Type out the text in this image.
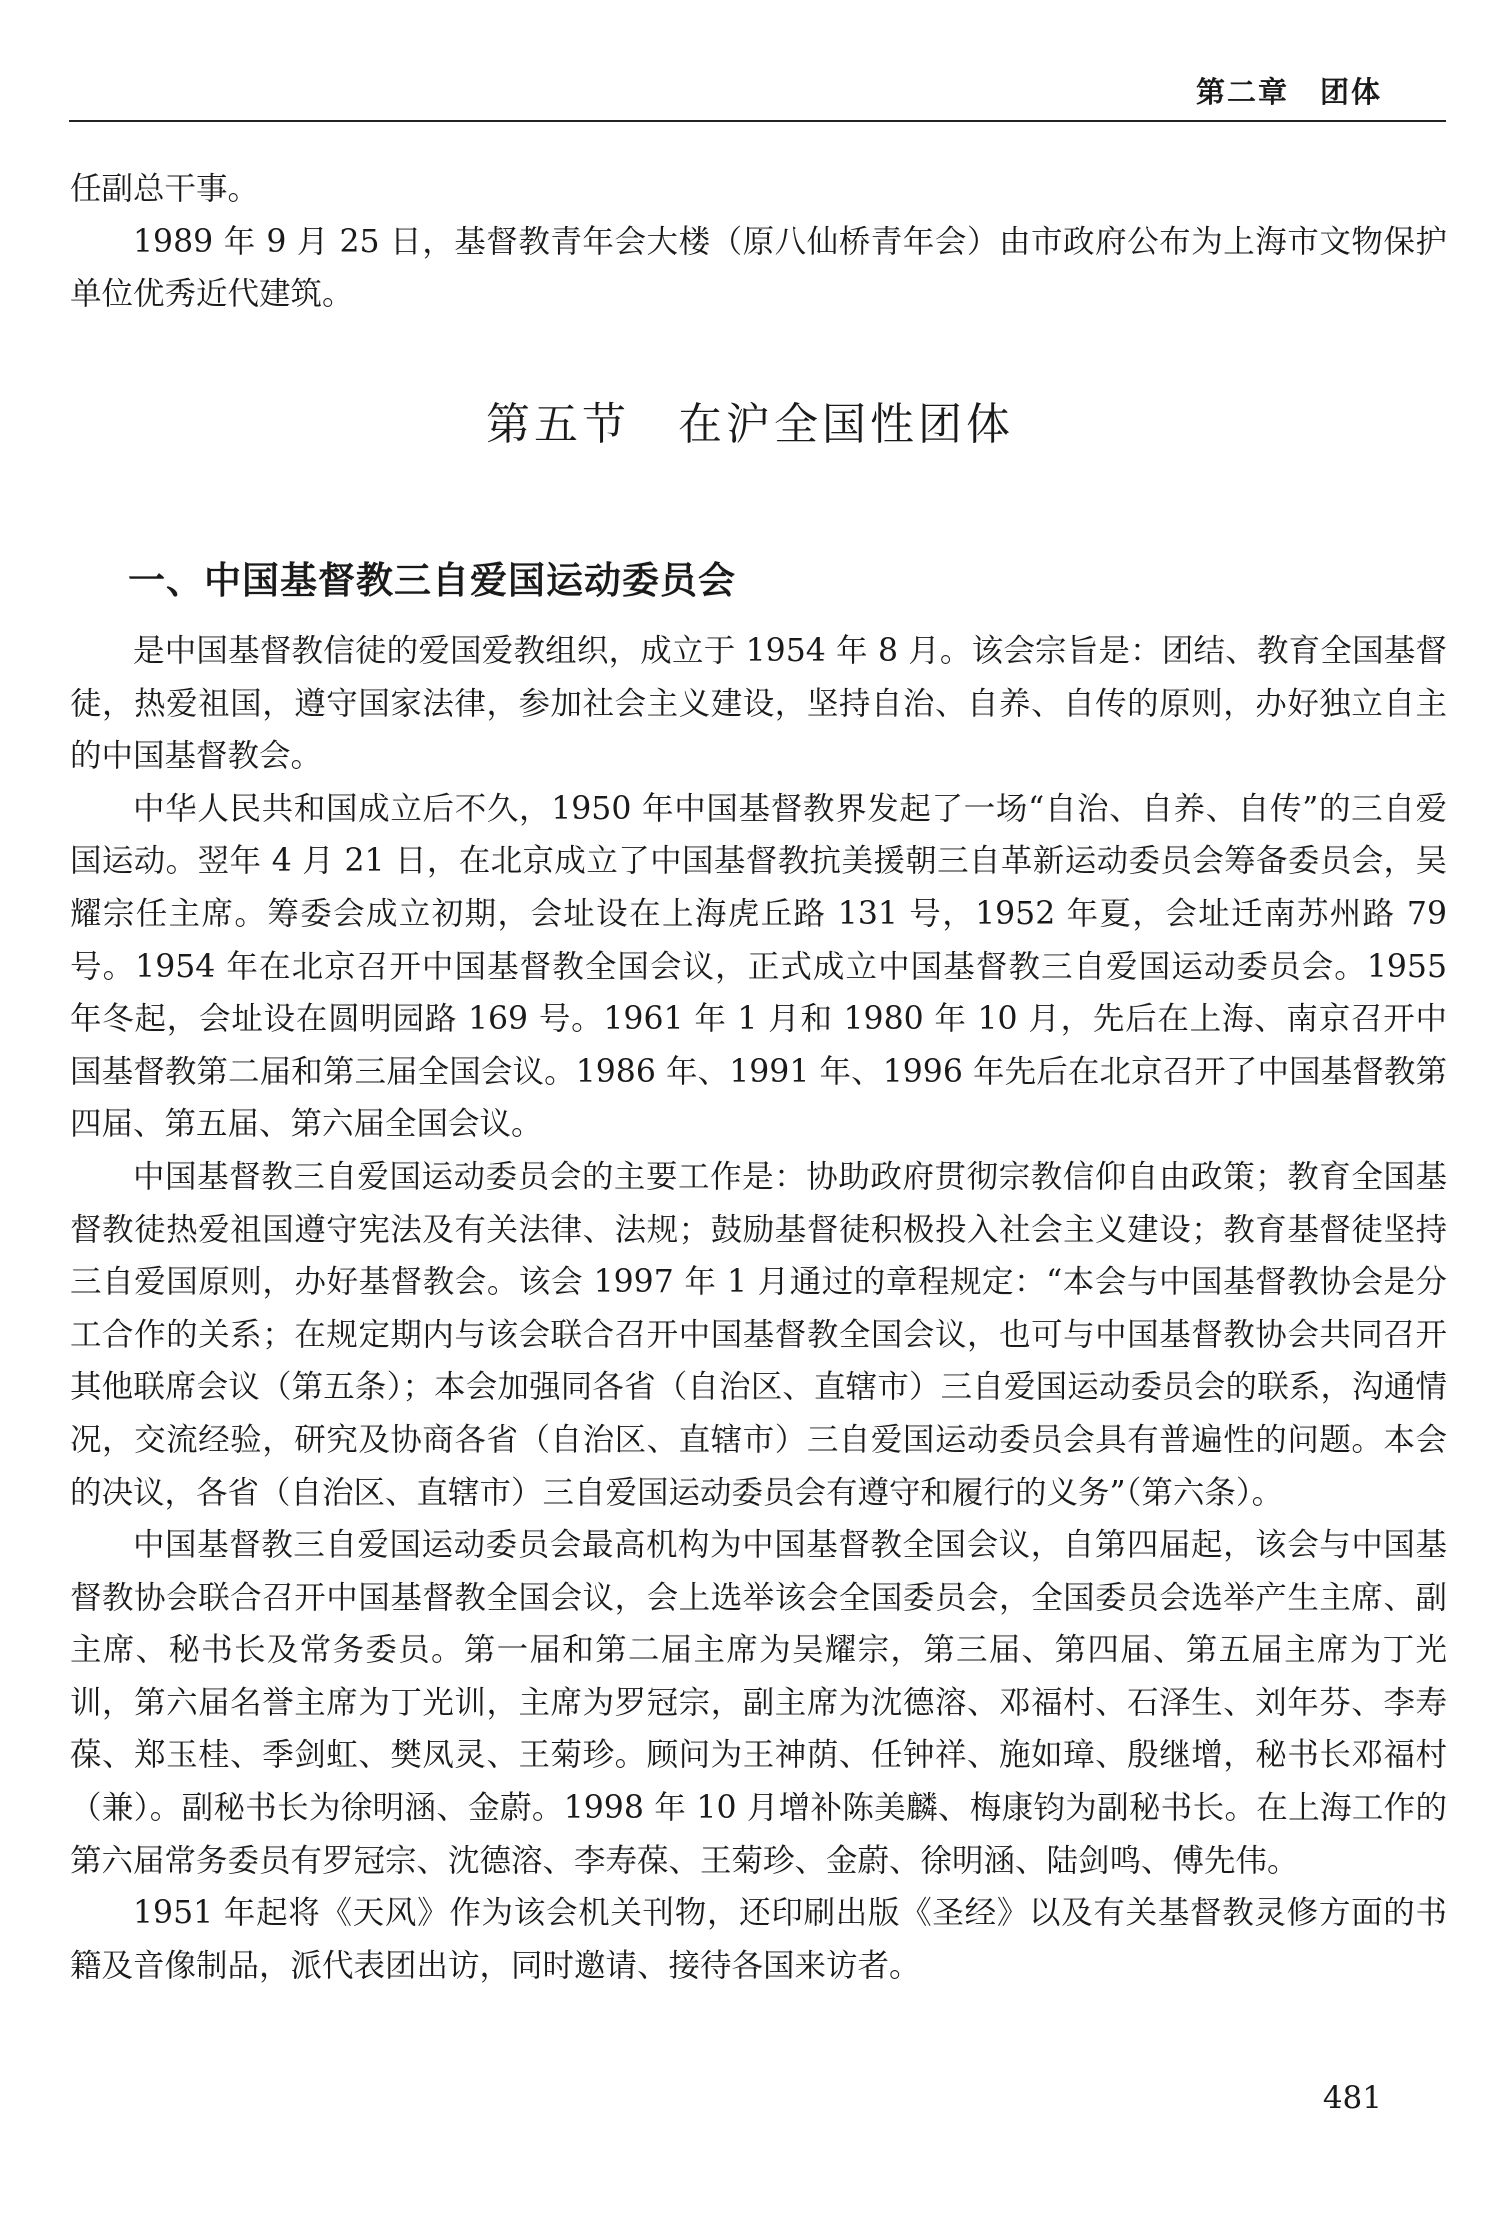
第二章　团体

任副总干事。

1989 年 9 月 25 日，基督教青年会大楼（原八仙桥青年会）由市政府公布为上海市文物保护单位优秀近代建筑。

第五节 在沪全国性团体
一、中国基督教三自爱国运动委员会

是中国基督教信徒的爱国爱教组织，成立于 1954 年 8 月。该会宗旨是：团结、教育全国基督徒，热爱祖国，遵守国家法律，参加社会主义建设，坚持自治、自养、自传的原则，办好独立自主的中国基督教会。

中华人民共和国成立后不久，1950 年中国基督教界发起了一场“自治、自养、自传”的三自爱国运动。翌年 4 月 21 日，在北京成立了中国基督教抗美援朝三自革新运动委员会筹备委员会，吴耀宗任主席。筹委会成立初期，会址设在上海虎丘路 131 号，1952 年夏，会址迁南苏州路 79 号。1954 年在北京召开中国基督教全国会议，正式成立中国基督教三自爱国运动委员会。1955 年冬起，会址设在圆明园路 169 号。1961 年 1 月和 1980 年 10 月，先后在上海、南京召开中国基督教第二届和第三届全国会议。1986 年、1991 年、1996 年先后在北京召开了中国基督教第四届、第五届、第六届全国会议。

中国基督教三自爱国运动委员会的主要工作是：协助政府贯彻宗教信仰自由政策；教育全国基督教徒热爱祖国遵守宪法及有关法律、法规；鼓励基督徒积极投入社会主义建设；教育基督徒坚持三自爱国原则，办好基督教会。该会 1997 年 1 月通过的章程规定：“本会与中国基督教协会是分工合作的关系；在规定期内与该会联合召开中国基督教全国会议，也可与中国基督教协会共同召开其他联席会议（第五条）；本会加强同各省（自治区、直辖市）三自爱国运动委员会的联系，沟通情况，交流经验，研究及协商各省（自治区、直辖市）三自爱国运动委员会具有普遍性的问题。本会的决议，各省（自治区、直辖市）三自爱国运动委员会有遵守和履行的义务”（第六条）。

中国基督教三自爱国运动委员会最高机构为中国基督教全国会议，自第四届起，该会与中国基督教协会联合召开中国基督教全国会议，会上选举该会全国委员会，全国委员会选举产生主席、副主席、秘书长及常务委员。第一届和第二届主席为吴耀宗，第三届、第四届、第五届主席为丁光训，第六届名誉主席为丁光训，主席为罗冠宗，副主席为沈德溶、邓福村、石泽生、刘年芬、李寿葆、郑玉桂、季剑虹、樊凤灵、王菊珍。顾问为王神荫、任钟祥、施如璋、殷继增，秘书长邓福村（兼）。副秘书长为徐明涵、金蔚。1998 年 10 月增补陈美麟、梅康钧为副秘书长。在上海工作的第六届常务委员有罗冠宗、沈德溶、李寿葆、王菊珍、金蔚、徐明涵、陆剑鸣、傅先伟。

1951 年起将《天风》作为该会机关刊物，还印刷出版《圣经》以及有关基督教灵修方面的书籍及音像制品，派代表团出访，同时邀请、接待各国来访者。

481
